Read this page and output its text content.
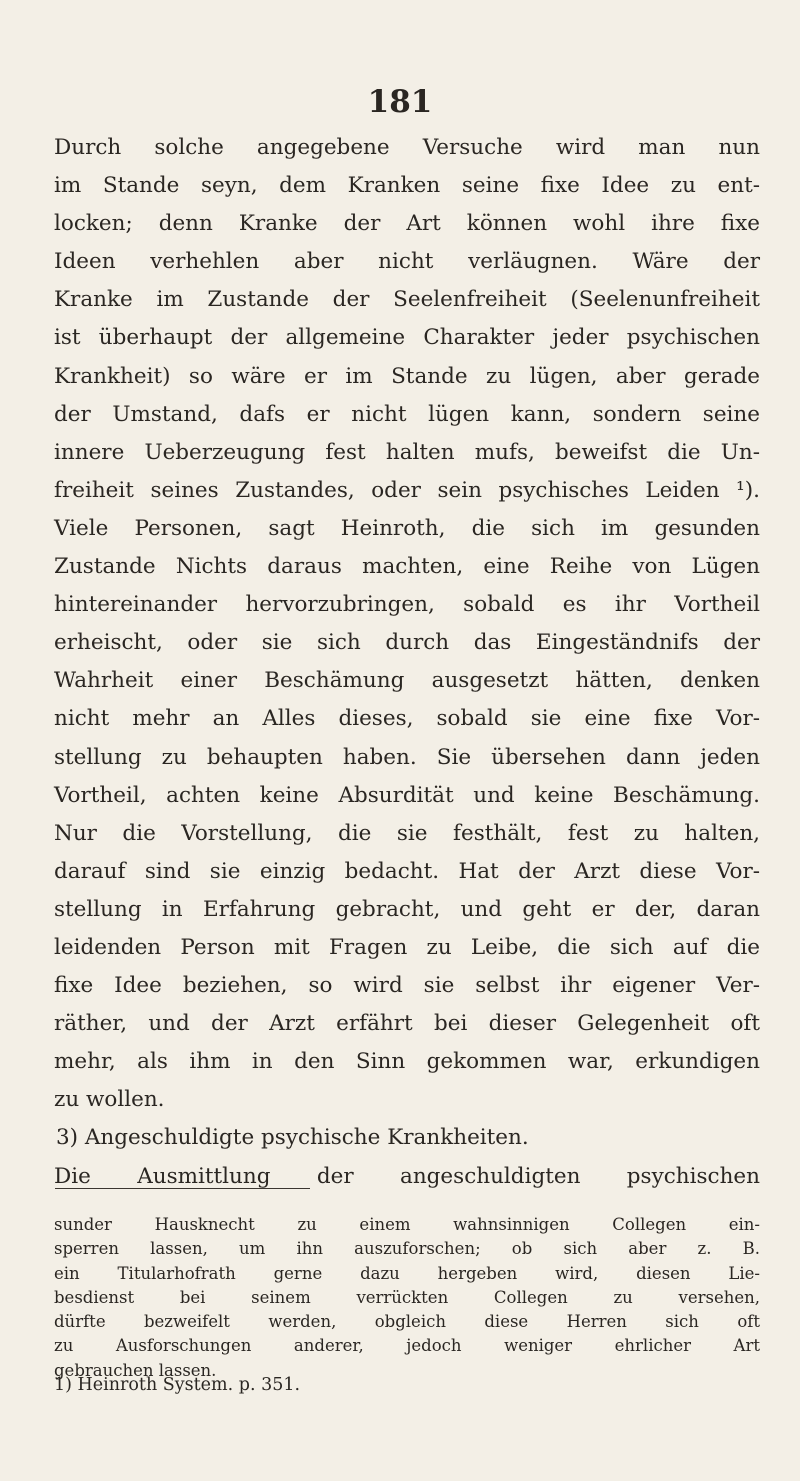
181
Durch solche angegebene Versuche wird man nun
im Stande seyn, dem Kranken seine fixe Idee zu ent-
locken; denn Kranke der Art können wohl ihre fixe
Ideen verhehlen aber nicht verläugnen. Wäre der
Kranke im Zustande der Seelenfreiheit (Seelenunfreiheit
ist überhaupt der allgemeine Charakter jeder psychischen
Krankheit) so wäre er im Stande zu lügen, aber gerade
der Umstand, dafs er nicht lügen kann, sondern seine
innere Ueberzeugung fest halten mufs, beweifst die Un-
freiheit seines Zustandes, oder sein psychisches Leiden ¹).
Viele Personen, sagt Heinroth, die sich im gesunden
Zustande Nichts daraus machten, eine Reihe von Lügen
hintereinander hervorzubringen, sobald es ihr Vortheil
erheischt, oder sie sich durch das Eingeständnifs der
Wahrheit einer Beschämung ausgesetzt hätten, denken
nicht mehr an Alles dieses, sobald sie eine fixe Vor-
stellung zu behaupten haben. Sie übersehen dann jeden
Vortheil, achten keine Absurdität und keine Beschämung.
Nur die Vorstellung, die sie festhält, fest zu halten,
darauf sind sie einzig bedacht. Hat der Arzt diese Vor-
stellung in Erfahrung gebracht, und geht er der, daran
leidenden Person mit Fragen zu Leibe, die sich auf die
fixe Idee beziehen, so wird sie selbst ihr eigener Ver-
räther, und der Arzt erfährt bei dieser Gelegenheit oft
mehr, als ihm in den Sinn gekommen war, erkundigen
zu wollen.
3) Angeschuldigte psychische Krankheiten.
Die Ausmittlung der angeschuldigten psychischen
sunder Hausknecht zu einem wahnsinnigen Collegen ein-
sperren lassen, um ihn auszuforschen; ob sich aber z. B.
ein Titularhofrath gerne dazu hergeben wird, diesen Lie-
besdienst bei seinem verrückten Collegen zu versehen,
dürfte bezweifelt werden, obgleich diese Herren sich oft
zu Ausforschungen anderer, jedoch weniger ehrlicher Art
gebrauchen lassen.
1) Heinroth System. p. 351.
